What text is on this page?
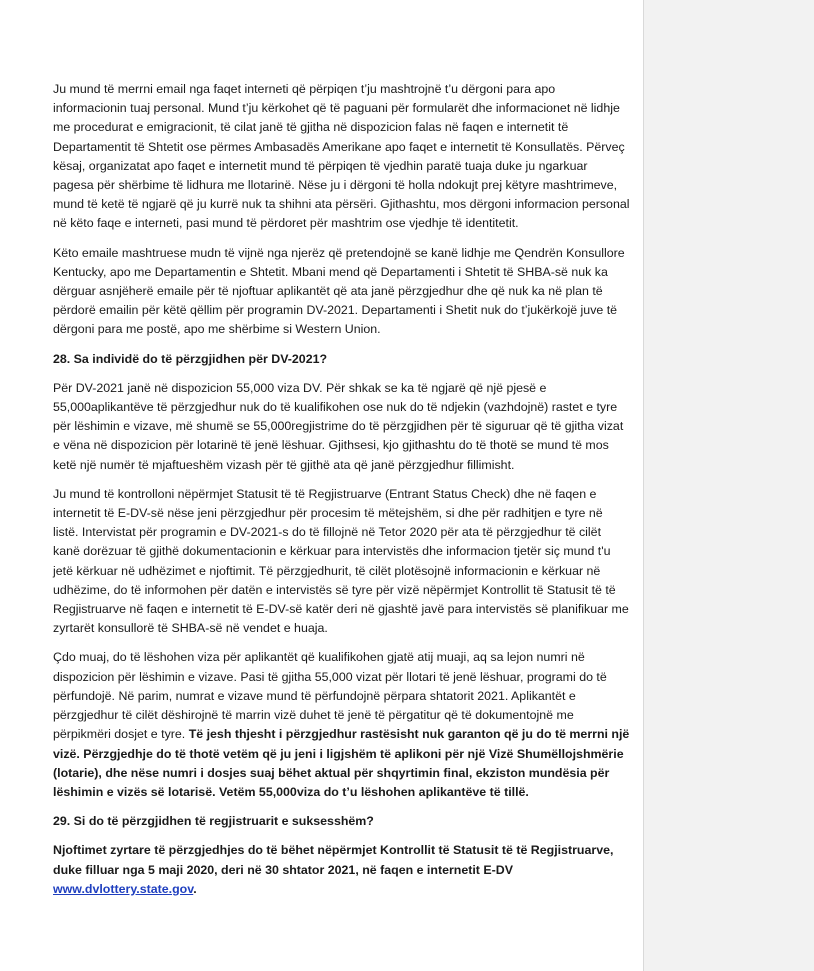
Ju mund të merrni email nga faqet interneti që përpiqen t’ju mashtrojnë t’u dërgoni para apo informacionin tuaj personal. Mund t’ju kërkohet që të paguani për formularët dhe informacionet në lidhje me procedurat e emigracionit, të cilat janë të gjitha në dispozicion falas në faqen e internetit të Departamentit të Shtetit ose përmes Ambasadës Amerikane apo faqet e internetit të Konsullatës. Përveç kësaj, organizatat apo faqet e internetit mund të përpiqen të vjedhin paratë tuaja duke ju ngarkuar pagesa për shërbime të lidhura me llotarinë. Nëse ju i dërgoni të holla ndokujt prej këtyre mashtrimeve, mund të ketë të ngjarë që ju kurrë nuk ta shihni ata përsëri. Gjithashtu, mos dërgoni informacion personal në këto faqe e interneti, pasi mund të përdoret për mashtrim ose vjedhje të identitetit.

Këto emaile mashtruese mudn të vijnë nga njerëz që pretendojnë se kanë lidhje me Qendrën Konsullore Kentucky, apo me Departamentin e Shtetit. Mbani mend që Departamenti i Shtetit të SHBA-së nuk ka dërguar asnjëherë emaile për të njoftuar aplikantët që ata janë përzgjedhur dhe që nuk ka në plan të përdorë emailin për këtë qëllim për programin DV-2021. Departamenti i Shetit nuk do t’jukërkojë juve të dërgoni para me postë, apo me shërbime si Western Union.

28. Sa individë do të përzgjidhen për DV-2021?

Për DV-2021 janë në dispozicion 55,000 viza DV. Për shkak se ka të ngjarë që një pjesë e 55,000aplikantëve të përzgjedhur nuk do të kualifikohen ose nuk do të ndjekin (vazhdojnë) rastet e tyre për lëshimin e vizave, më shumë se 55,000regjistrime do të përzgjidhen për të siguruar që të gjitha vizat e vëna në dispozicion për lotarinë të jenë lëshuar. Gjithsesi, kjo gjithashtu do të thotë se mund të mos ketë një numër të mjaftueshëm vizash për të gjithë ata që janë përzgjedhur fillimisht.

Ju mund të kontrolloni nëpërmjet Statusit të të Regjistruarve (Entrant Status Check) dhe në faqen e internetit të E-DV-së nëse jeni përzgjedhur për procesim të mëtejshëm, si dhe për radhitjen e tyre në listë. Intervistat për programin e DV-2021-s do të fillojnë në Tetor 2020 për ata të përzgjedhur të cilët kanë dorëzuar të gjithë dokumentacionin e kërkuar para intervistës dhe informacion tjetër siç mund t'u jetë kërkuar në udhëzimet e njoftimit. Të përzgjedhurit, të cilët plotësojnë informacionin e kërkuar në udhëzime, do të informohen për datën e intervistës së tyre për vizë nëpërmjet Kontrollit të Statusit të të Regjistruarve në faqen e internetit të E-DV-së katër deri në gjashtë javë para intervistës së planifikuar me zyrtarët konsullorë të SHBA-së në vendet e huaja.

Çdo muaj, do të lëshohen viza për aplikantët që kualifikohen gjatë atij muaji, aq sa lejon numri në dispozicion për lëshimin e vizave. Pasi të gjitha 55,000 vizat për llotari të jenë lëshuar, programi do të përfundojë. Në parim, numrat e vizave mund të përfundojnë përpara shtatorit 2021. Aplikantët e përzgjedhur të cilët dëshirojnë të marrin vizë duhet të jenë të përgatitur që të dokumentojnë me përpikmëri dosjet e tyre. Të jesh thjesht i përzgjedhur rastësisht nuk garanton që ju do të merrni një vizë. Përzgjedhje do të thotë vetëm që ju jeni i ligjshëm të aplikoni për një Vizë Shumëllojshmërie (lotarie), dhe nëse numri i dosjes suaj bëhet aktual për shqyrtimin final, ekziston mundësia për lëshimin e vizës së lotarisë. Vetëm 55,000viza do t’u lëshohen aplikantëve të tillë.

29. Si do të përzgjidhen të regjistruarit e suksesshëm?

Njoftimet zyrtare të përzgjedhjes do të bëhet nëpërmjet Kontrollit të Statusit të të Regjistruarve, duke filluar nga 5 maji 2020, deri në 30 shtator 2021, në faqen e internetit E-DV www.dvlottery.state.gov.
